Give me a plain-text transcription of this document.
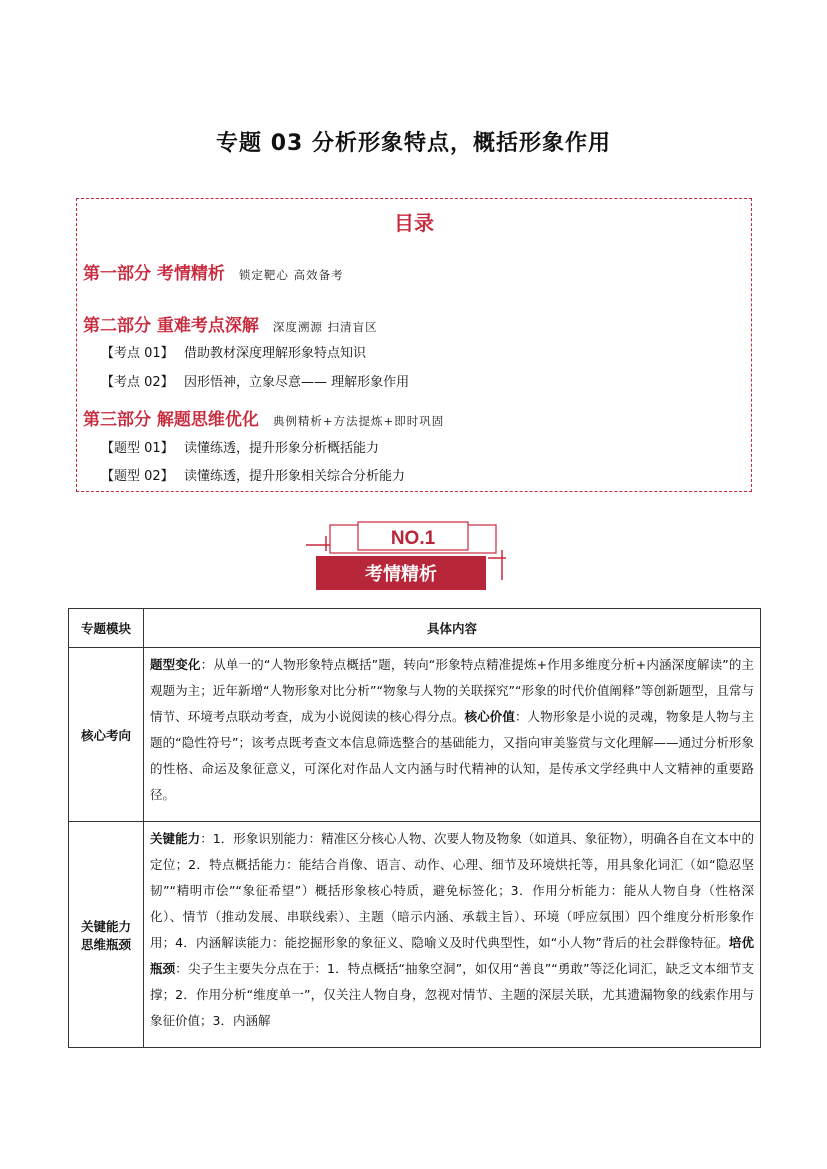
专题 03 分析形象特点，概括形象作用
目录
第一部分 考情精析 锁定靶心 高效备考
第二部分 重难考点深解 深度溯源 扫清盲区
【考点 01】 借助教材深度理解形象特点知识
【考点 02】 因形悟神，立象尽意—— 理解形象作用
第三部分 解题思维优化 典例精析+方法提炼+即时巩固
【题型 01】 读懂练透，提升形象分析概括能力
【题型 02】 读懂练透，提升形象相关综合分析能力
NO.1
考情精析
专题模块	具体内容
核心考向	题型变化：从单一的“人物形象特点概括”题，转向“形象特点精准提炼+作用多维度分析+内涵深度解读”的主观题为主；近年新增“人物形象对比分析”“物象与人物的关联探究”“形象的时代价值阐释”等创新题型，且常与情节、环境考点联动考查，成为小说阅读的核心得分点。核心价值：人物形象是小说的灵魂，物象是人物与主题的“隐性符号”；该考点既考查文本信息筛选整合的基础能力，又指向审美鉴赏与文化理解——通过分析形象的性格、命运及象征意义，可深化对作品人文内涵与时代精神的认知，是传承文学经典中人文精神的重要路径。
关键能力
思维瓶颈	关键能力：1．形象识别能力：精准区分核心人物、次要人物及物象（如道具、象征物），明确各自在文本中的定位；2．特点概括能力：能结合肖像、语言、动作、心理、细节及环境烘托等，用具象化词汇（如“隐忍坚韧”“精明市侩”“象征希望”）概括形象核心特质，避免标签化；3．作用分析能力：能从人物自身（性格深化）、情节（推动发展、串联线索）、主题（暗示内涵、承载主旨）、环境（呼应氛围）四个维度分析形象作用；4．内涵解读能力：能挖掘形象的象征义、隐喻义及时代典型性，如“小人物”背后的社会群像特征。培优瓶颈：尖子生主要失分点在于：1．特点概括“抽象空洞”，如仅用“善良”“勇敢”等泛化词汇，缺乏文本细节支撑；2．作用分析“维度单一”，仅关注人物自身，忽视对情节、主题的深层关联，尤其遗漏物象的线索作用与象征价值；3．内涵解
